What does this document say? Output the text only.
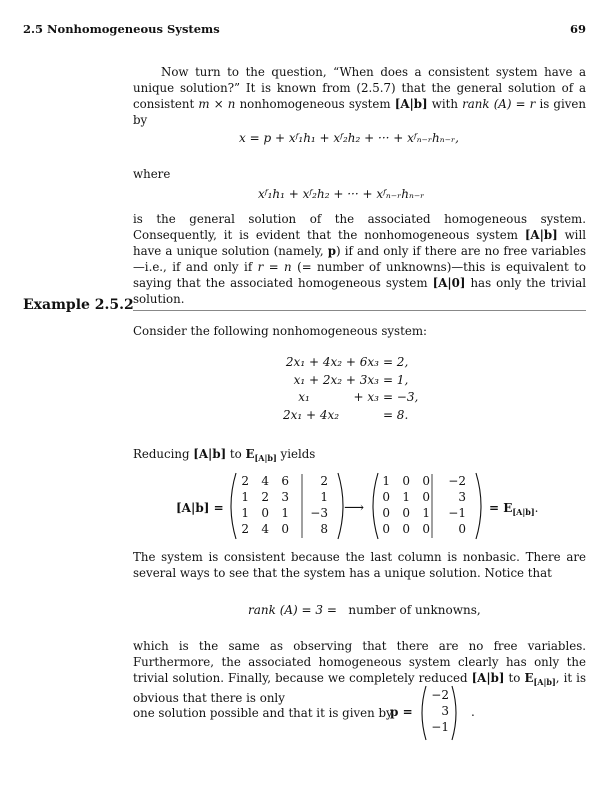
2.5 Nonhomogeneous Systems	69

Now turn to the question, “When does a consistent system have a unique solution?” It is known from (2.5.7) that the general solution of a consistent m × n nonhomogeneous system [A|b] with rank (A) = r is given by

x = p + xᶠ₁h₁ + xᶠ₂h₂ + ··· + xᶠₙ₋ᵣhₙ₋ᵣ,
where
xᶠ₁h₁ + xᶠ₂h₂ + ··· + xᶠₙ₋ᵣhₙ₋ᵣ

is the general solution of the associated homogeneous system. Consequently, it is evident that the nonhomogeneous system [A|b] will have a unique solution (namely, p) if and only if there are no free variables—i.e., if and only if r = n (= number of unknowns)—this is equivalent to saying that the associated homogeneous system [A|0] has only the trivial solution.

Example 2.5.2
Consider the following nonhomogeneous system:
2x₁ + 4x₂ + 6x₃	= 2,
x₁ + 2x₂ + 3x₃	= 1,
x₁     + x₃	= −3,
2x₁ + 4x₂    	= 8.

Reducing [A|b] to $E_{[A|b]}$ yields

[A|b] =
2 4 6	2
1 2 3	1
1 0 1 −3
2 4 0	8
⟶
1 0 0 −2
0 1 0 3
0 0 1 −1
0 0 0 0
= $E_{[A|b]}$.
The system is consistent because the last column is nonbasic. There are several ways to see that the system has a unique solution. Notice that
rank (A) = 3 = number of unknowns,

which is the same as observing that there are no free variables. Furthermore, the associated homogeneous system clearly has only the trivial solution. Finally, because we completely reduced [A|b] to $E_{[A|b]}$, it is obvious that there is only

one solution possible and that it is given by
p =
−2
3
−1
.
